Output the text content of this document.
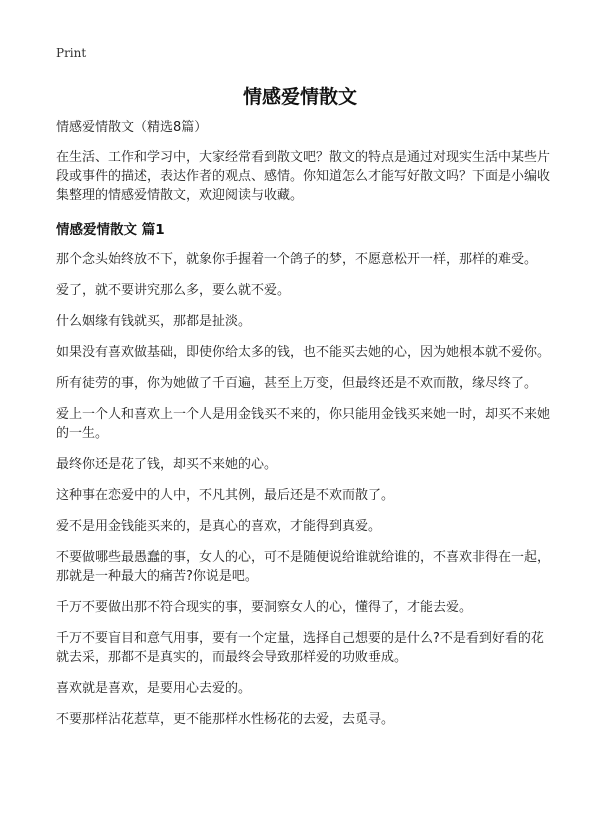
Print
情感爱情散文

情感爱情散文（精选8篇）

在生活、工作和学习中，大家经常看到散文吧？散文的特点是通过对现实生活中某些片段或事件的描述，表达作者的观点、感情。你知道怎么才能写好散文吗？下面是小编收集整理的情感爱情散文，欢迎阅读与收藏。

情感爱情散文 篇1

那个念头始终放不下，就象你手握着一个鸽子的梦，不愿意松开一样，那样的难受。

爱了，就不要讲究那么多，要么就不爱。

什么姻缘有钱就买，那都是扯淡。

如果没有喜欢做基础，即使你给太多的钱，也不能买去她的心，因为她根本就不爱你。

所有徒劳的事，你为她做了千百遍，甚至上万变，但最终还是不欢而散，缘尽终了。

爱上一个人和喜欢上一个人是用金钱买不来的，你只能用金钱买来她一时，却买不来她的一生。

最终你还是花了钱，却买不来她的心。

这种事在恋爱中的人中，不凡其例，最后还是不欢而散了。

爱不是用金钱能买来的，是真心的喜欢，才能得到真爱。

不要做哪些最愚蠢的事，女人的心，可不是随便说给谁就给谁的，不喜欢非得在一起，那就是一种最大的痛苦?你说是吧。

千万不要做出那不符合现实的事，要洞察女人的心，懂得了，才能去爱。

千万不要盲目和意气用事，要有一个定量，选择自己想要的是什么?不是看到好看的花就去采，那都不是真实的，而最终会导致那样爱的功败垂成。

喜欢就是喜欢，是要用心去爱的。

不要那样沾花惹草，更不能那样水性杨花的去爱，去觅寻。
